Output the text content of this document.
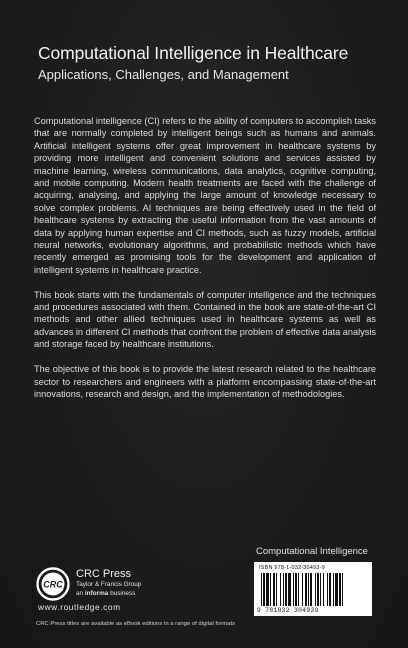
Computational Intelligence in Healthcare
Applications, Challenges, and Management

Computational intelligence (CI) refers to the ability of computers to accomplish tasks that are normally completed by intelligent beings such as humans and animals. Artificial intelligent systems offer great improvement in healthcare systems by providing more intelligent and convenient solutions and services assisted by machine learning, wireless communications, data analytics, cognitive computing, and mobile computing. Modern health treatments are faced with the challenge of acquiring, analysing, and applying the large amount of knowledge necessary to solve complex problems. AI techniques are being effectively used in the field of healthcare systems by extracting the useful information from the vast amounts of data by applying human expertise and CI methods, such as fuzzy models, artificial neural networks, evolutionary algorithms, and probabilistic methods which have recently emerged as promising tools for the development and application of intelligent systems in healthcare practice.

This book starts with the fundamentals of computer intelligence and the techniques and procedures associated with them. Contained in the book are state-of-the-art CI methods and other allied techniques used in healthcare systems as well as advances in different CI methods that confront the problem of effective data analysis and storage faced by healthcare institutions.

The objective of this book is to provide the latest research related to the healthcare sector to researchers and engineers with a platform encompassing state-of-the-art innovations, research and design, and the implementation of methodologies.

Computational Intelligence
CRC
CRC Press
Taylor & Francis Group
an informa business
www.routledge.com
CRC Press titles are available as eBook editions in a range of digital formats
ISBN 978-1-032-30493-9
9 781032 304939
